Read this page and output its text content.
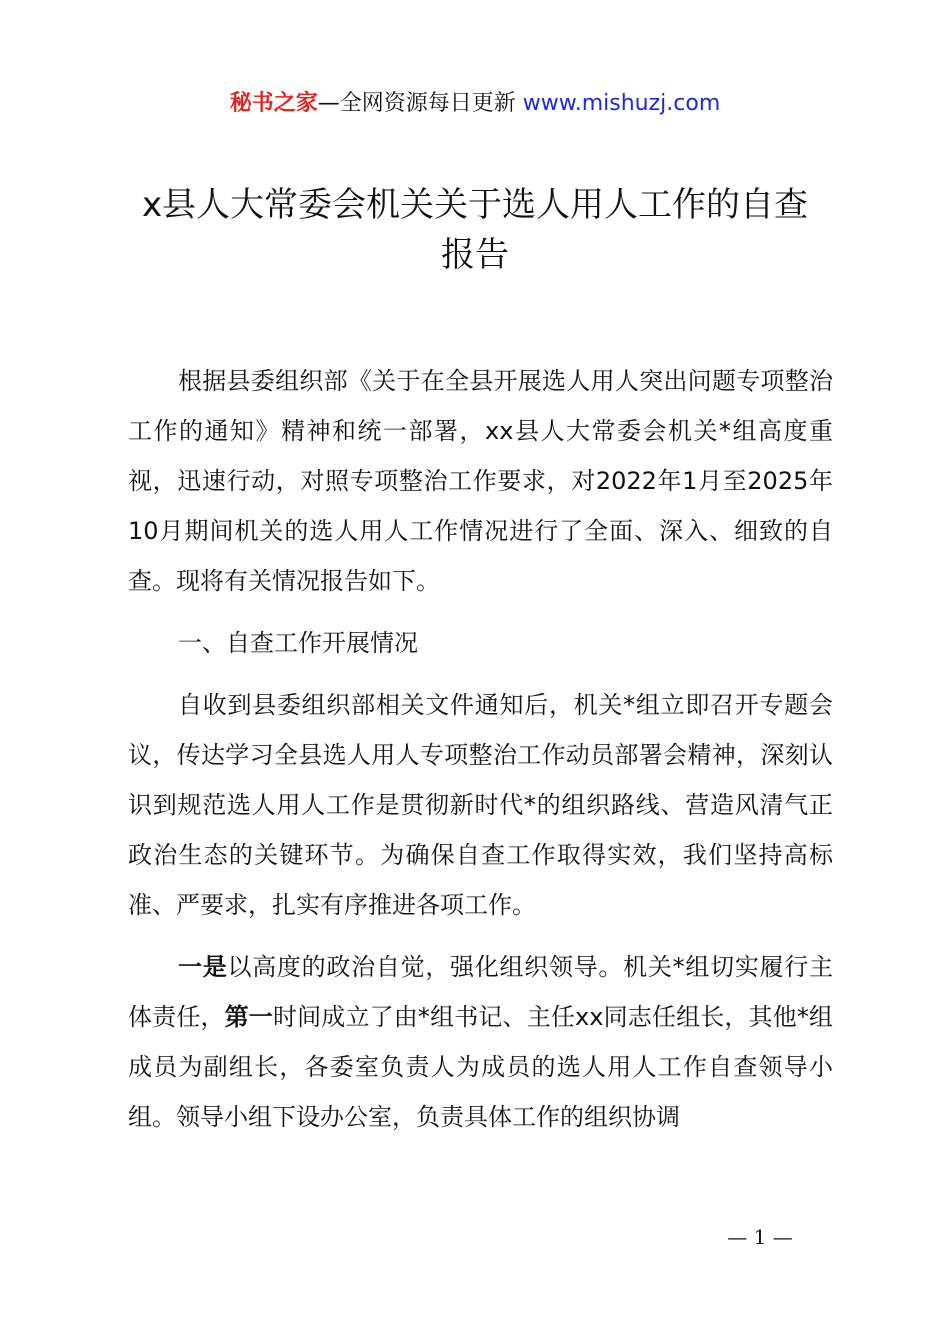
秘书之家—全网资源每日更新 www.mishuzj.com
x县人大常委会机关关于选人用人工作的自查
报告

根据县委组织部《关于在全县开展选人用人突出问题专项整治工作的通知》精神和统一部署，xx县人大常委会机关*组高度重视，迅速行动，对照专项整治工作要求，对2022年1月至2025年10月期间机关的选人用人工作情况进行了全面、深入、细致的自查。现将有关情况报告如下。

一、自查工作开展情况

自收到县委组织部相关文件通知后，机关*组立即召开专题会议，传达学习全县选人用人专项整治工作动员部署会精神，深刻认识到规范选人用人工作是贯彻新时代*的组织路线、营造风清气正政治生态的关键环节。为确保自查工作取得实效，我们坚持高标准、严要求，扎实有序推进各项工作。

一是以高度的政治自觉，强化组织领导。机关*组切实履行主体责任，第一时间成立了由*组书记、主任xx同志任组长，其他*组成员为副组长，各委室负责人为成员的选人用人工作自查领导小组。领导小组下设办公室，负责具体工作的组织协调

— 1 —
